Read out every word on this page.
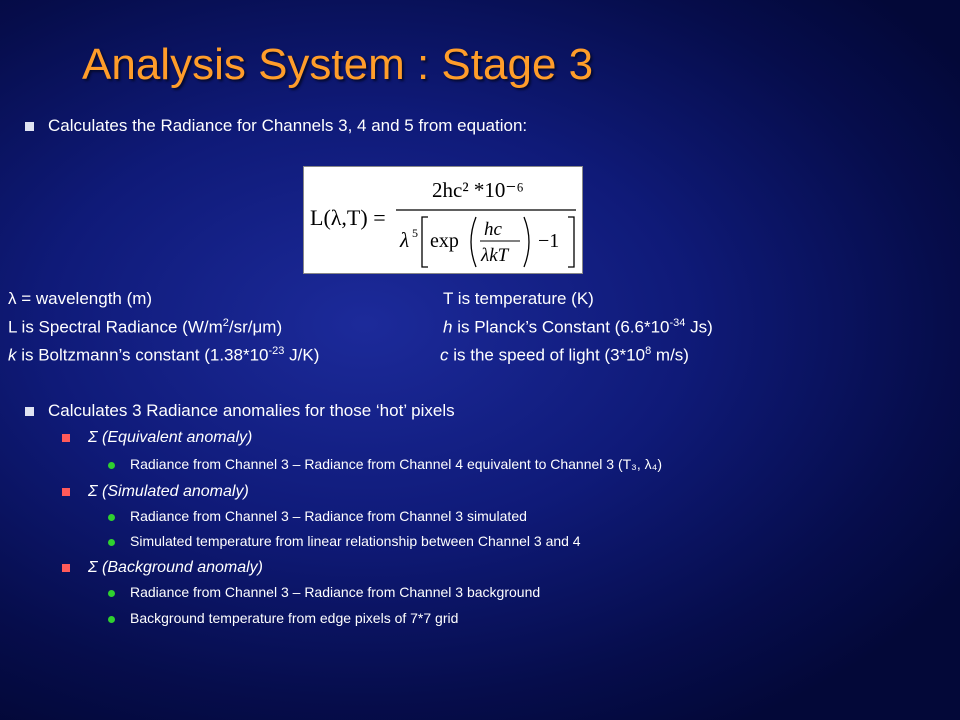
Analysis System : Stage 3
Calculates the Radiance for Channels 3, 4 and 5 from equation:
L(λ,T) =
2hc² *10⁻⁶
λ 5 exp
hc
λkT
−1
λ = wavelength (m)	T is temperature (K)
L is Spectral Radiance $(W/m^2/sr/\mu m)$	h is Planck’s Constant ($6.6*10^{-34}$ Js)
k is Boltzmann’s constant ($1.38*10^{-23}$ J/K)	c is the speed of light ($3*10^8$ m/s)
Calculates 3 Radiance anomalies for those ‘hot’ pixels
Σ (Equivalent anomaly)
Radiance from Channel 3 – Radiance from Channel 4 equivalent to Channel 3 (T₃, λ₄)
Σ (Simulated anomaly)
Radiance from Channel 3 – Radiance from Channel 3 simulated
Simulated temperature from linear relationship between Channel 3 and 4
Σ (Background anomaly)
Radiance from Channel 3 – Radiance from Channel 3 background
Background temperature from edge pixels of 7*7 grid
